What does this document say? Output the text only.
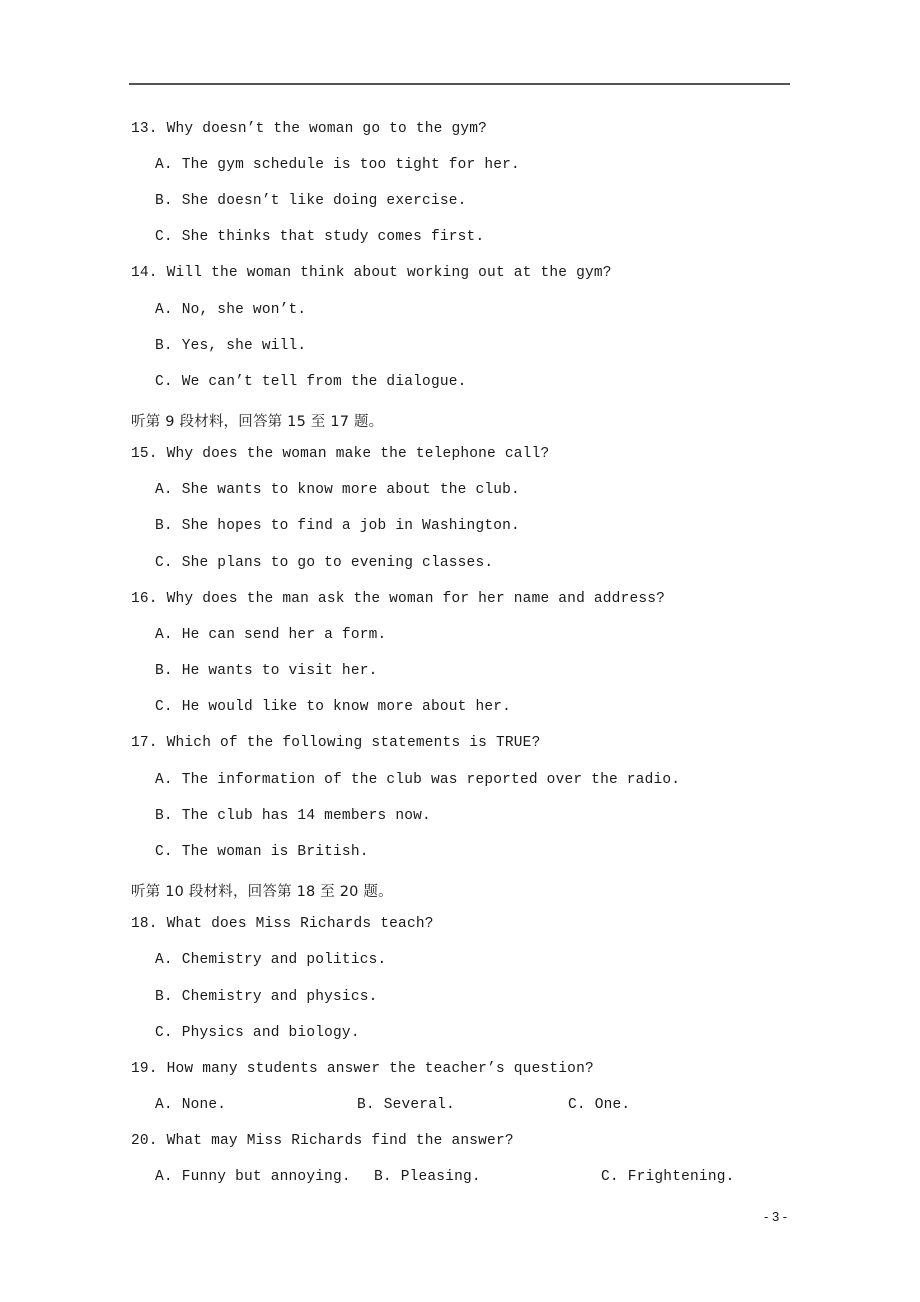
13. Why doesn’t the woman go to the gym?
A. The gym schedule is too tight for her.
B. She doesn’t like doing exercise.
C. She thinks that study comes first.
14. Will the woman think about working out at the gym?
A. No, she won’t.
B. Yes, she will.
C. We can’t tell from the dialogue.
听第 9 段材料，回答第 15 至 17 题。
15. Why does the woman make the telephone call?
A. She wants to know more about the club.
B. She hopes to find a job in Washington.
C. She plans to go to evening classes.
16. Why does the man ask the woman for her name and address?
A. He can send her a form.
B. He wants to visit her.
C. He would like to know more about her.
17. Which of the following statements is TRUE?
A. The information of the club was reported over the radio.
B. The club has 14 members now.
C. The woman is British.
听第 10 段材料，回答第 18 至 20 题。
18. What does Miss Richards teach?
A. Chemistry and politics.
B. Chemistry and physics.
C. Physics and biology.
19. How many students answer the teacher’s question?
A. None.	B. Several.	C. One.
20. What may Miss Richards find the answer?
A. Funny but annoying. B. Pleasing.	C. Frightening.
- 3 -
